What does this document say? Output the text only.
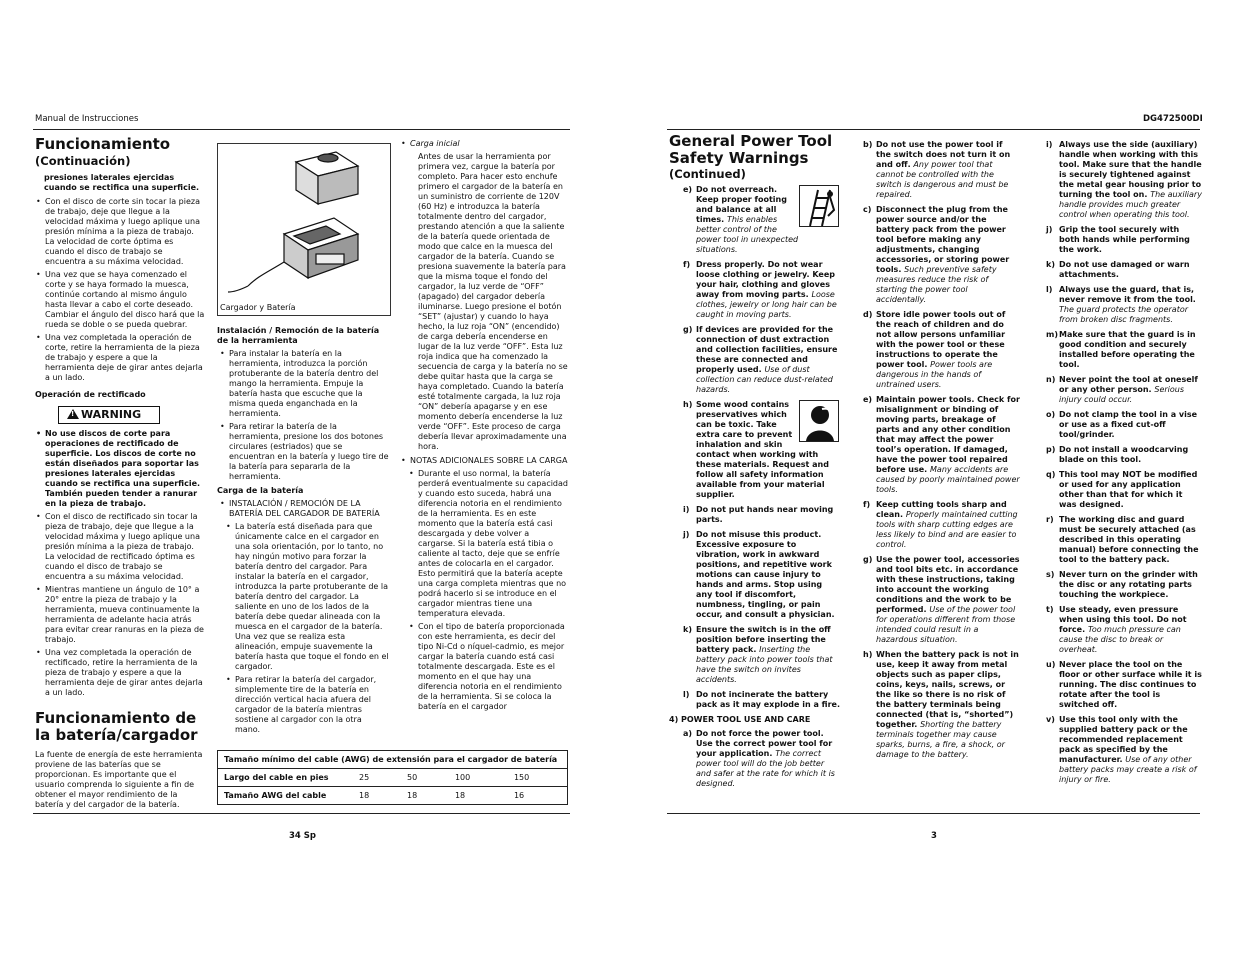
Manual de Instrucciones
Funcionamiento
(Continuación)
presiones laterales ejercidas cuando se rectifica una superficie.
• Con el disco de corte sin tocar la pieza de trabajo, deje que llegue a la velocidad máxima y luego aplique una presión mínima a la pieza de trabajo. La velocidad de corte óptima es cuando el disco de trabajo se encuentra a su máxima velocidad.
• Una vez que se haya comenzado el corte y se haya formado la muesca, continúe cortando al mismo ángulo hasta llevar a cabo el corte deseado. Cambiar el ángulo del disco hará que la rueda se doble o se pueda quebrar.
• Una vez completada la operación de corte, retire la herramienta de la pieza de trabajo y espere a que la herramienta deje de girar antes dejarla a un lado.
Operación de rectificado
!WARNING
• No use discos de corte para operaciones de rectificado de superficie. Los discos de corte no están diseñados para soportar las presiones laterales ejercidas cuando se rectifica una superficie. También pueden tender a ranurar en la pieza de trabajo.
• Con el disco de rectificado sin tocar la pieza de trabajo, deje que llegue a la velocidad máxima y luego aplique una presión mínima a la pieza de trabajo. La velocidad de rectificado óptima es cuando el disco de trabajo se encuentra a su máxima velocidad.
• Mientras mantiene un ángulo de 10° a 20° entre la pieza de trabajo y la herramienta, mueva continuamente la herramienta de adelante hacia atrás para evitar crear ranuras en la pieza de trabajo.
• Una vez completada la operación de rectificado, retire la herramienta de la pieza de trabajo y espere a que la herramienta deje de girar antes dejarla a un lado.
Funcionamiento de la batería/cargador
La fuente de energía de este herramienta proviene de las baterías que se proporcionan. Es importante que el usuario comprenda lo siguiente a fin de obtener el mayor rendimiento de la batería y del cargador de la batería.
Cargador y Batería
Instalación / Remoción de la batería de la herramienta
• Para instalar la batería en la herramienta, introduzca la porción protuberante de la batería dentro del mango la herramienta. Empuje la batería hasta que escuche que la misma queda enganchada en la herramienta.
• Para retirar la batería de la herramienta, presione los dos botones circulares (estriados) que se encuentran en la batería y luego tire de la batería para separarla de la herramienta.
Carga de la batería
• INSTALACIÓN / REMOCIÓN DE LA BATERÍA DEL CARGADOR DE BATERÍA
• La batería está diseñada para que únicamente calce en el cargador en una sola orientación, por lo tanto, no hay ningún motivo para forzar la batería dentro del cargador. Para instalar la batería en el cargador, introduzca la parte protuberante de la batería dentro del cargador. La saliente en uno de los lados de la batería debe quedar alineada con la muesca en el cargador de la batería. Una vez que se realiza esta alineación, empuje suavemente la batería hasta que toque el fondo en el cargador.
• Para retirar la batería del cargador, simplemente tire de la batería en dirección vertical hacia afuera del cargador de la batería mientras sostiene al cargador con la otra mano.
• Carga inicial
Antes de usar la herramienta por primera vez, cargue la batería por completo. Para hacer esto enchufe primero el cargador de la batería en un suministro de corriente de 120V (60 Hz) e introduzca la batería totalmente dentro del cargador, prestando atención a que la saliente de la batería quede orientada de modo que calce en la muesca del cargador de la batería. Cuando se presiona suavemente la batería para que la misma toque el fondo del cargador, la luz verde de “OFF” (apagado) del cargador debería iluminarse. Luego presione el botón “SET” (ajustar) y cuando lo haya hecho, la luz roja “ON” (encendido) de carga debería encenderse en lugar de la luz verde “OFF”. Esta luz roja indica que ha comenzado la secuencia de carga y la batería no se debe quitar hasta que la carga se haya completado. Cuando la batería esté totalmente cargada, la luz roja “ON” debería apagarse y en ese momento debería encenderse la luz verde “OFF”. Este proceso de carga debería llevar aproximadamente una hora.
• NOTAS ADICIONALES SOBRE LA CARGA
• Durante el uso normal, la batería perderá eventualmente su capacidad y cuando esto suceda, habrá una diferencia notoria en el rendimiento de la herramienta. Es en este momento que la batería está casi descargada y debe volver a cargarse. Si la batería está tibia o caliente al tacto, deje que se enfríe antes de colocarla en el cargador. Esto permitirá que la batería acepte una carga completa mientras que no podrá hacerlo si se introduce en el cargador mientras tiene una temperatura elevada.
• Con el tipo de batería proporcionada con este herramienta, es decir del tipo Ni-Cd o níquel-cadmio, es mejor cargar la batería cuando está casi totalmente descargada. Este es el momento en el que hay una diferencia notoria en el rendimiento de la herramienta. Si se coloca la batería en el cargador
Tamaño mínimo del cable (AWG) de extensión para el cargador de batería				
Largo del cable en pies	25	50	100	150
Tamaño AWG del cable	18	18	18	16
34 Sp
DG472500DI
General Power Tool
Safety Warnings
(Continued)
e) Do not overreach. Keep proper footing and balance at all times. This enables better control of the power tool in unexpected situations.
f) Dress properly. Do not wear loose clothing or jewelry. Keep your hair, clothing and gloves away from moving parts. Loose clothes, jewelry or long hair can be caught in moving parts.
g) If devices are provided for the connection of dust extraction and collection facilities, ensure these are connected and properly used. Use of dust collection can reduce dust-related hazards.
h) Some wood contains preservatives which can be toxic. Take extra care to prevent inhalation and skin contact when working with these materials. Request and follow all safety information available from your material supplier.
i) Do not put hands near moving parts.
j) Do not misuse this product. Excessive exposure to vibration, work in awkward positions, and repetitive work motions can cause injury to hands and arms. Stop using any tool if discomfort, numbness, tingling, or pain occur, and consult a physician.
k) Ensure the switch is in the off position before inserting the battery pack. Inserting the battery pack into power tools that have the switch on invites accidents.
l) Do not incinerate the battery pack as it may explode in a fire.
4) POWER TOOL USE AND CARE
a) Do not force the power tool. Use the correct power tool for your application. The correct power tool will do the job better and safer at the rate for which it is designed.
b) Do not use the power tool if the switch does not turn it on and off. Any power tool that cannot be controlled with the switch is dangerous and must be repaired.
c) Disconnect the plug from the power source and/or the battery pack from the power tool before making any adjustments, changing accessories, or storing power tools. Such preventive safety measures reduce the risk of starting the power tool accidentally.
d) Store idle power tools out of the reach of children and do not allow persons unfamiliar with the power tool or these instructions to operate the power tool. Power tools are dangerous in the hands of untrained users.
e) Maintain power tools. Check for misalignment or binding of moving parts, breakage of parts and any other condition that may affect the power tool’s operation. If damaged, have the power tool repaired before use. Many accidents are caused by poorly maintained power tools.
f) Keep cutting tools sharp and clean. Properly maintained cutting tools with sharp cutting edges are less likely to bind and are easier to control.
g) Use the power tool, accessories and tool bits etc. in accordance with these instructions, taking into account the working conditions and the work to be performed. Use of the power tool for operations different from those intended could result in a hazardous situation.
h) When the battery pack is not in use, keep it away from metal objects such as paper clips, coins, keys, nails, screws, or the like so there is no risk of the battery terminals being connected (that is, “shorted”) together. Shorting the battery terminals together may cause sparks, burns, a fire, a shock, or damage to the battery.
i) Always use the side (auxiliary) handle when working with this tool. Make sure that the handle is securely tightened against the metal gear housing prior to turning the tool on. The auxiliary handle provides much greater control when operating this tool.
j) Grip the tool securely with both hands while performing the work.
k) Do not use damaged or warn attachments.
l) Always use the guard, that is, never remove it from the tool. The guard protects the operator from broken disc fragments.
m) Make sure that the guard is in good condition and securely installed before operating the tool.
n) Never point the tool at oneself or any other person. Serious injury could occur.
o) Do not clamp the tool in a vise or use as a fixed cut-off tool/grinder.
p) Do not install a woodcarving blade on this tool.
q) This tool may NOT be modified or used for any application other than that for which it was designed.
r) The working disc and guard must be securely attached (as described in this operating manual) before connecting the tool to the battery pack.
s) Never turn on the grinder with the disc or any rotating parts touching the workpiece.
t) Use steady, even pressure when using this tool. Do not force. Too much pressure can cause the disc to break or overheat.
u) Never place the tool on the floor or other surface while it is running. The disc continues to rotate after the tool is switched off.
v) Use this tool only with the supplied battery pack or the recommended replacement pack as specified by the manufacturer. Use of any other battery packs may create a risk of injury or fire.
3
